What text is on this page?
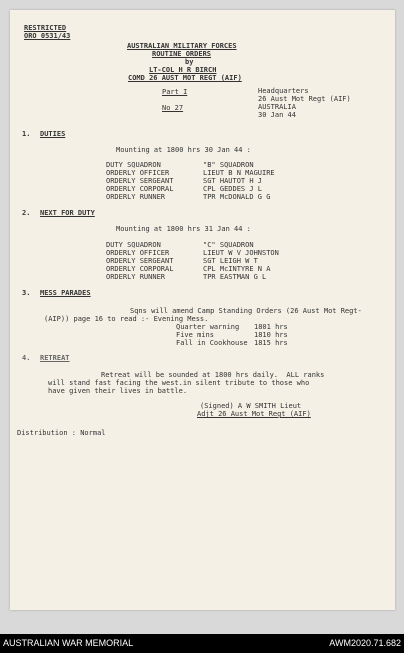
RESTRICTED
ORO 0531/43
AUSTRALIAN MILITARY FORCES
ROUTINE ORDERS
by
LT-COL H R BIRCH
COMD 26 AUST MOT REGT (AIF)
Part I
No 27
Headquarters
26 Aust Mot Regt (AIF)
AUSTRALIA
30 Jan 44
1. DUTIES
Mounting at 1800 hrs 30 Jan 44 :
DUTY SQUADRON	"B" SQUADRON
ORDERLY OFFICER	LIEUT B N MAGUIRE
ORDERLY SERGEANT	SGT HAUTOT H J
ORDERLY CORPORAL	CPL GEDDES J L
ORDERLY RUNNER	TPR McDONALD G G
2. NEXT FOR DUTY
Mounting at 1800 hrs 31 Jan 44 :
DUTY SQUADRON	"C" SQUADRON
ORDERLY OFFICER	LIEUT W V JOHNSTON
ORDERLY SERGEANT	SGT LEIGH W T
ORDERLY CORPORAL	CPL McINTYRE N A
ORDERLY RUNNER	TPR EASTMAN G L
3. MESS PARADES
Sqns will amend Camp Standing Orders (26 Aust Mot Regt-
(AIP)) page 16 to read :- Evening Mess.
Quarter warning 1801 hrs
Five mins	1810 hrs
Fall in Cookhouse 1815 hrs
4. RETREAT
Retreat will be sounded at 1800 hrs daily.  ALL ranks
will stand fast facing the west.in silent tribute to those who
have given their lives in battle.
(Signed) A W SMITH Lieut
Adjt 26 Aust Mot Regt (AIF)
Distribution : Normal
AUSTRALIAN WAR MEMORIAL	AWM2020.71.682
